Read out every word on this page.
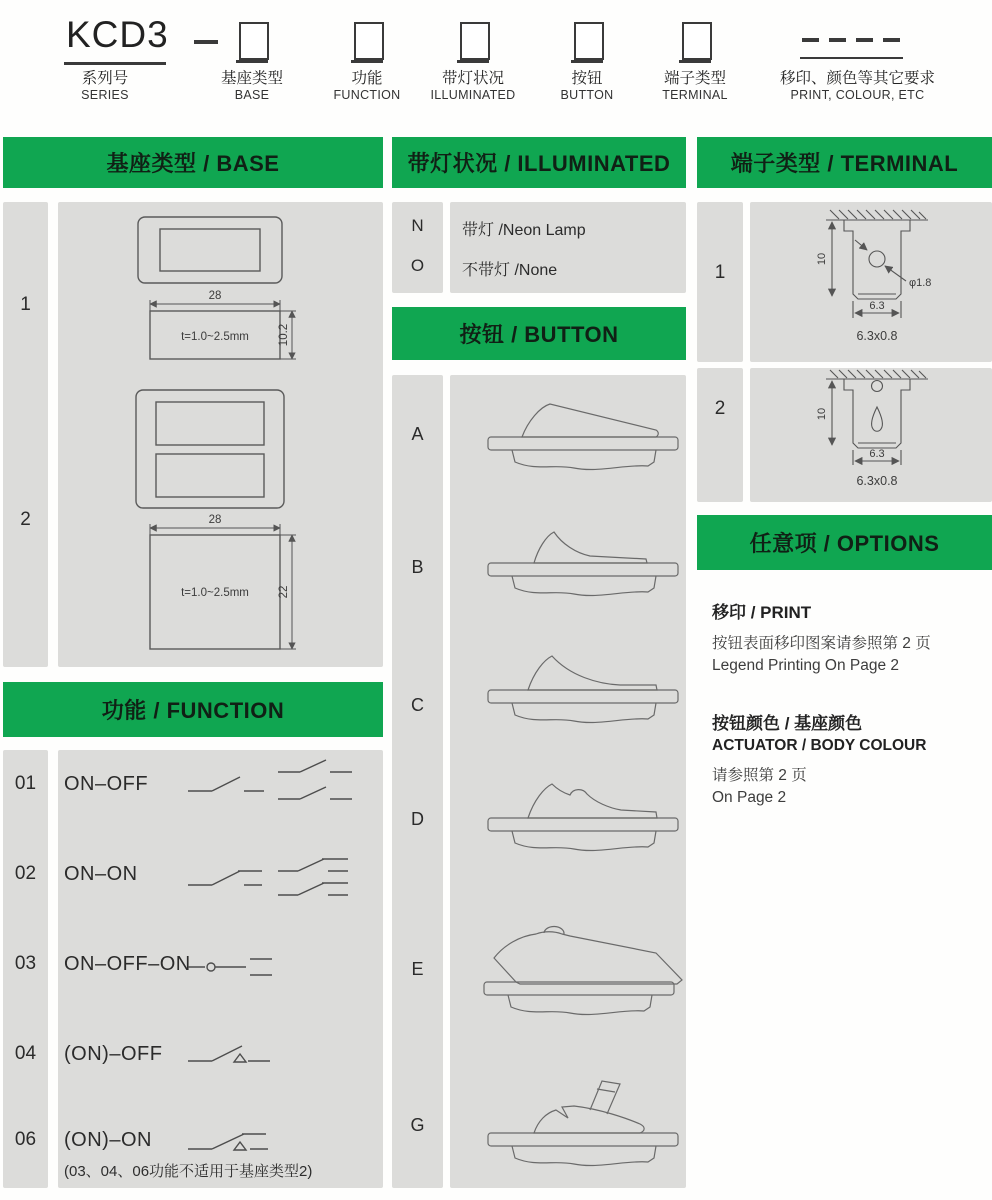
KCD3
系列号
SERIES
基座类型
BASE
功能
FUNCTION
带灯状况
ILLUMINATED
按钮
BUTTON
端子类型
TERMINAL
移印、颜色等其它要求
PRINT, COLOUR, ETC
基座类型 / BASE	带灯状况 / ILLUMINATED	端子类型 / TERMINAL
功能 / FUNCTION
按钮 / BUTTON
任意项 / OPTIONS
1
2
28
t=1.0~2.5mm	10.2
28
t=1.0~2.5mm	22
01	ON–OFF
02	ON–ON
03	ON–OFF–ON
04	(ON)–OFF
06	(ON)–ON
(03、04、06功能不适用于基座类型2)
N	带灯 /Neon Lamp
O	不带灯 /None
A
B
C
D
E
G
1	φ1.8
10
6.3
6.3x0.8
2	10
6.3
6.3x0.8
移印 / PRINT
按钮表面移印图案请参照第 2 页
Legend Printing On Page 2
按钮颜色 / 基座颜色
ACTUATOR / BODY COLOUR
请参照第 2 页
On Page 2
